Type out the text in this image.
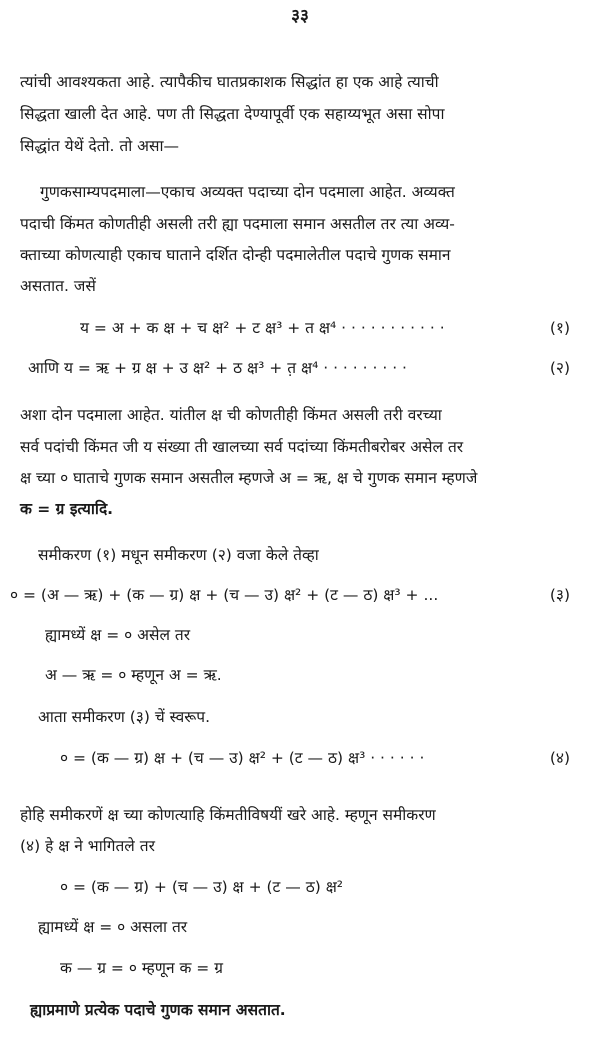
३३
त्यांची आवश्यकता आहे. त्यापैकीच घातप्रकाशक सिद्धांत हा एक आहे त्याची
सिद्धता खाली देत आहे. पण ती सिद्धता देण्यापूर्वी एक सहाय्यभूत असा सोपा
सिद्धांत येथें देतो. तो असा—
गुणकसाम्यपदमाला—एकाच अव्यक्त पदाच्या दोन पदमाला आहेत. अव्यक्त
पदाची किंमत कोणतीही असली तरी ह्या पदमाला समान असतील तर त्या अव्य-
क्ताच्या कोणत्याही एकाच घाताने दर्शित दोन्ही पदमालेतील पदाचे गुणक समान
असतात. जसें
य = अ + क क्ष + च क्ष² + ट क्ष³ + त क्ष⁴ · · · · · · · · · · ·	(१)
आणि य = ऋ + ग्र क्ष + उ क्ष² + ठ क्ष³ + त़ क्ष⁴ · · · · · · · · ·	(२)
अशा दोन पदमाला आहेत. यांतील क्ष ची कोणतीही किंमत असली तरी वरच्या
सर्व पदांची किंमत जी य संख्या ती खालच्या सर्व पदांच्या किंमतीबरोबर असेल तर
क्ष च्या ० घाताचे गुणक समान असतील म्हणजे अ = ऋ, क्ष चे गुणक समान म्हणजे
क = ग्र इत्यादि.
समीकरण (१) मधून समीकरण (२) वजा केले तेव्हा
० = (अ — ऋ) + (क — ग्र) क्ष + (च — उ) क्ष² + (ट — ठ) क्ष³ + ...	(३)
ह्यामध्यें क्ष = ० असेल तर
अ — ऋ = ० म्हणून अ = ऋ.
आता समीकरण (३) चें स्वरूप.
० = (क — ग्र) क्ष + (च — उ) क्ष² + (ट — ठ) क्ष³ · · · · · ·	(४)
होहि समीकरणें क्ष च्या कोणत्याहि किंमतीविषयीं खरे आहे. म्हणून समीकरण
(४) हे क्ष ने भागितले तर
० = (क — ग्र) + (च — उ) क्ष + (ट — ठ) क्ष²
ह्यामध्यें क्ष = ० असला तर
क — ग्र = ० म्हणून क = ग्र
ह्याप्रमाणे प्रत्येक पदाचे गुणक समान असतात.
